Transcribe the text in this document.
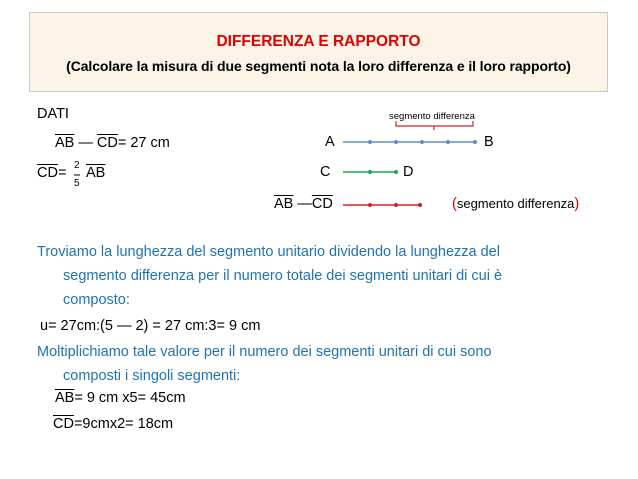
DIFFERENZA E RAPPORTO
(Calcolare la misura di due segmenti nota la loro differenza e il loro rapporto)
DATI
$\overline{AB}$ — $\overline{CD}= 27$ cm
$\overline{CD}= 2$
5
$\overline{AB}$
segmento differenza
A	B
C	D
$\overline{AB}$ $—\overline{CD}$	(segmento differenza)
Troviamo la lunghezza del segmento unitario dividendo la lunghezza del
segmento differenza per il numero totale dei segmenti unitari di cui è
composto:
u= 27cm:(5 — 2) = 27 cm:3= 9 cm
Moltiplichiamo tale valore per il numero dei segmenti unitari di cui sono
composti i singoli segmenti:
$\overline{AB}= 9$ cm x5= 45cm
$\overline{CD}=9cmx2= 18cm$
